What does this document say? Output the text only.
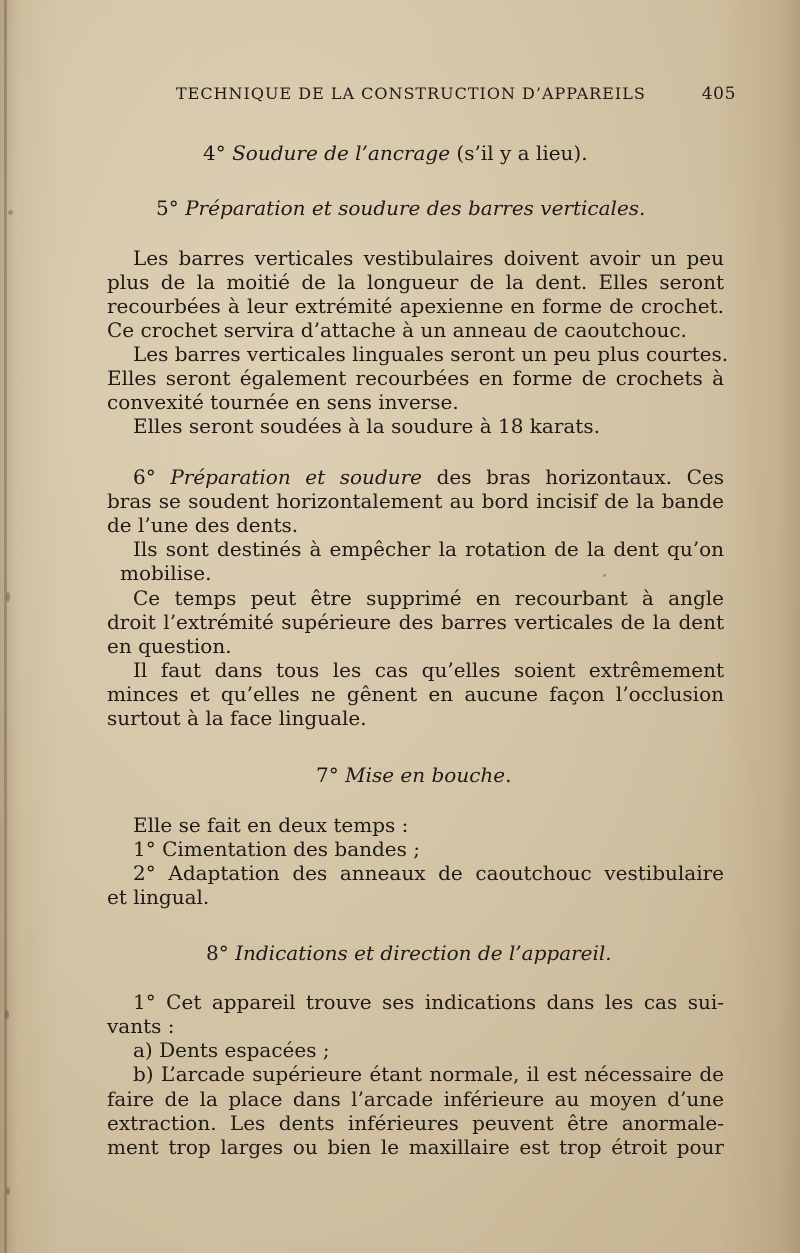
TECHNIQUE DE LA CONSTRUCTION D’APPAREILS	405
4° Soudure de l’ancrage (s’il y a lieu).
5° Préparation et soudure des barres verticales.
Les barres verticales vestibulaires doivent avoir un peu
plus de la moitié de la longueur de la dent. Elles seront
recourbées à leur extrémité apexienne en forme de crochet.
Ce crochet servira d’attache à un anneau de caoutchouc.
Les barres verticales linguales seront un peu plus courtes.
Elles seront également recourbées en forme de crochets à
convexité tournée en sens inverse.
Elles seront soudées à la soudure à 18 karats.
6° Préparation et soudure des bras horizontaux. Ces
bras se soudent horizontalement au bord incisif de la bande
de l’une des dents.
Ils sont destinés à empêcher la rotation de la dent qu’on
mobilise.
Ce temps peut être supprimé en recourbant à angle
droit l’extrémité supérieure des barres verticales de la dent
en question.
Il faut dans tous les cas qu’elles soient extrêmement
minces et qu’elles ne gênent en aucune façon l’occlusion
surtout à la face linguale.
7° Mise en bouche.
Elle se fait en deux temps :
1° Cimentation des bandes ;
2° Adaptation des anneaux de caoutchouc vestibulaire
et lingual.
8° Indications et direction de l’appareil.
1° Cet appareil trouve ses indications dans les cas sui-
vants :
a) Dents espacées ;
b) L’arcade supérieure étant normale, il est nécessaire de
faire de la place dans l’arcade inférieure au moyen d’une
extraction. Les dents inférieures peuvent être anormale-
ment trop larges ou bien le maxillaire est trop étroit pour
